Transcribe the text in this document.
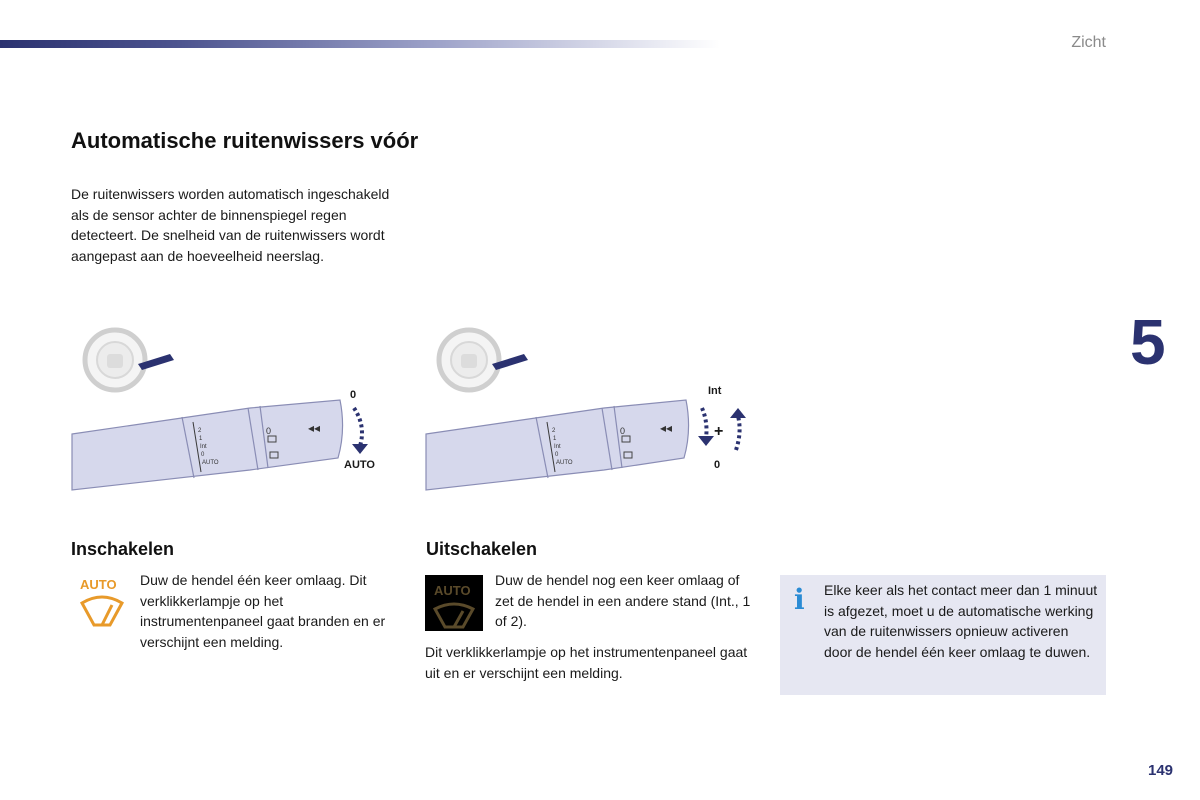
Zicht
5
Automatische ruitenwissers vóór
De ruitenwissers worden automatisch ingeschakeld als de sensor achter de binnenspiegel regen detecteert. De snelheid van de ruitenwissers wordt aangepast aan de hoeveelheid neerslag.
2
1
Int
0
AUTO
0	◂◂
0
AUTO
2
1
Int
0
AUTO
0	◂◂
Int
+
0
Inschakelen
AUTO Duw de hendel één keer omlaag. Dit verklikkerlampje op het instrumentenpaneel gaat branden en er verschijnt een melding.
Uitschakelen
AUTO
Duw de hendel nog een keer omlaag of zet de hendel in een andere stand (Int., 1 of 2).
Dit verklikkerlampje op het instrumentenpaneel gaat uit en er verschijnt een melding.
i Elke keer als het contact meer dan 1 minuut is afgezet, moet u de automatische werking van de ruitenwissers opnieuw activeren door de hendel één keer omlaag te duwen.
149
